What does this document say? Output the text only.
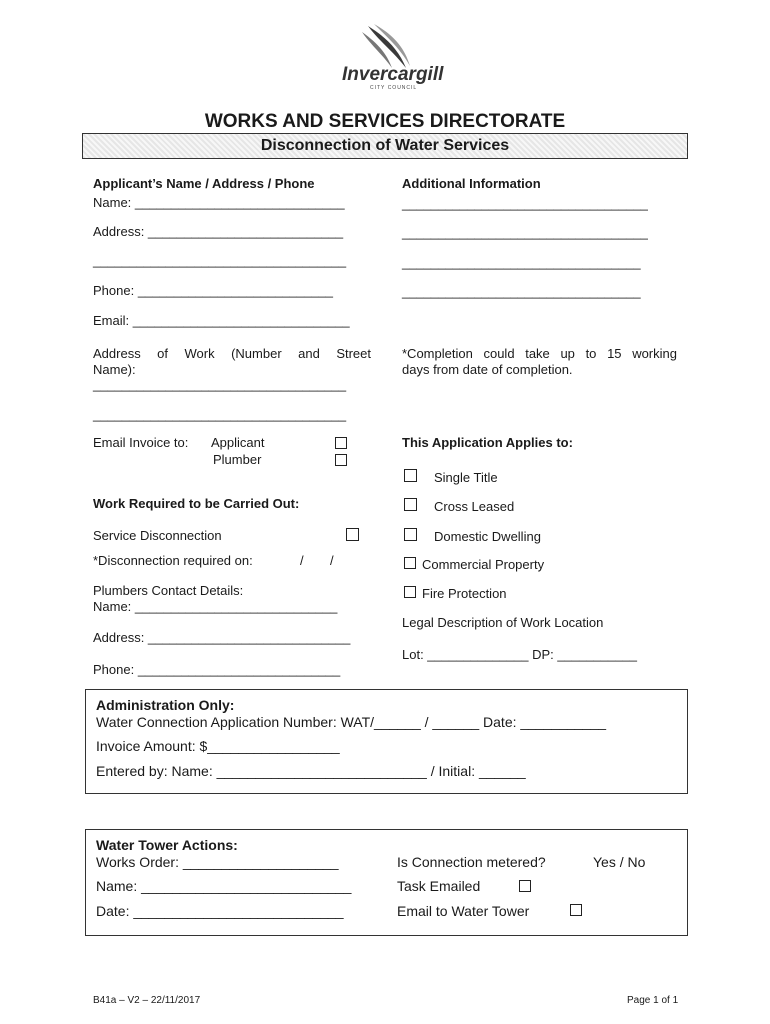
Invercargill
CITY COUNCIL
WORKS AND SERVICES DIRECTORATE
Disconnection of Water Services
Applicant’s Name / Address / Phone
Name: _____________________________
Address: ___________________________
___________________________________
Phone: ___________________________
Email: ______________________________
Address of Work (Number and Street
Name):
___________________________________
___________________________________
Email Invoice to: Applicant
Plumber
Work Required to be Carried Out:
Service Disconnection
*Disconnection required on:	/ /
Plumbers Contact Details:
Name: ____________________________
Address: ____________________________
Phone: ____________________________
Additional Information
__________________________________
__________________________________
_________________________________
_________________________________
*Completion could take up to 15 working
days from date of completion.
This Application Applies to:
Single Title
Cross Leased
Domestic Dwelling
Commercial Property
Fire Protection
Legal Description of Work Location
Lot: ______________ DP: ___________
Administration Only:
Water Connection Application Number: WAT/______ / ______ Date: ___________
Invoice Amount: $_________________
Entered by: Name: ___________________________ / Initial: ______
Water Tower Actions:
Works Order: ____________________
Name: ___________________________
Date: ___________________________
Is Connection metered?	Yes / No
Task Emailed
Email to Water Tower
B41a – V2 – 22/11/2017	Page 1 of 1
